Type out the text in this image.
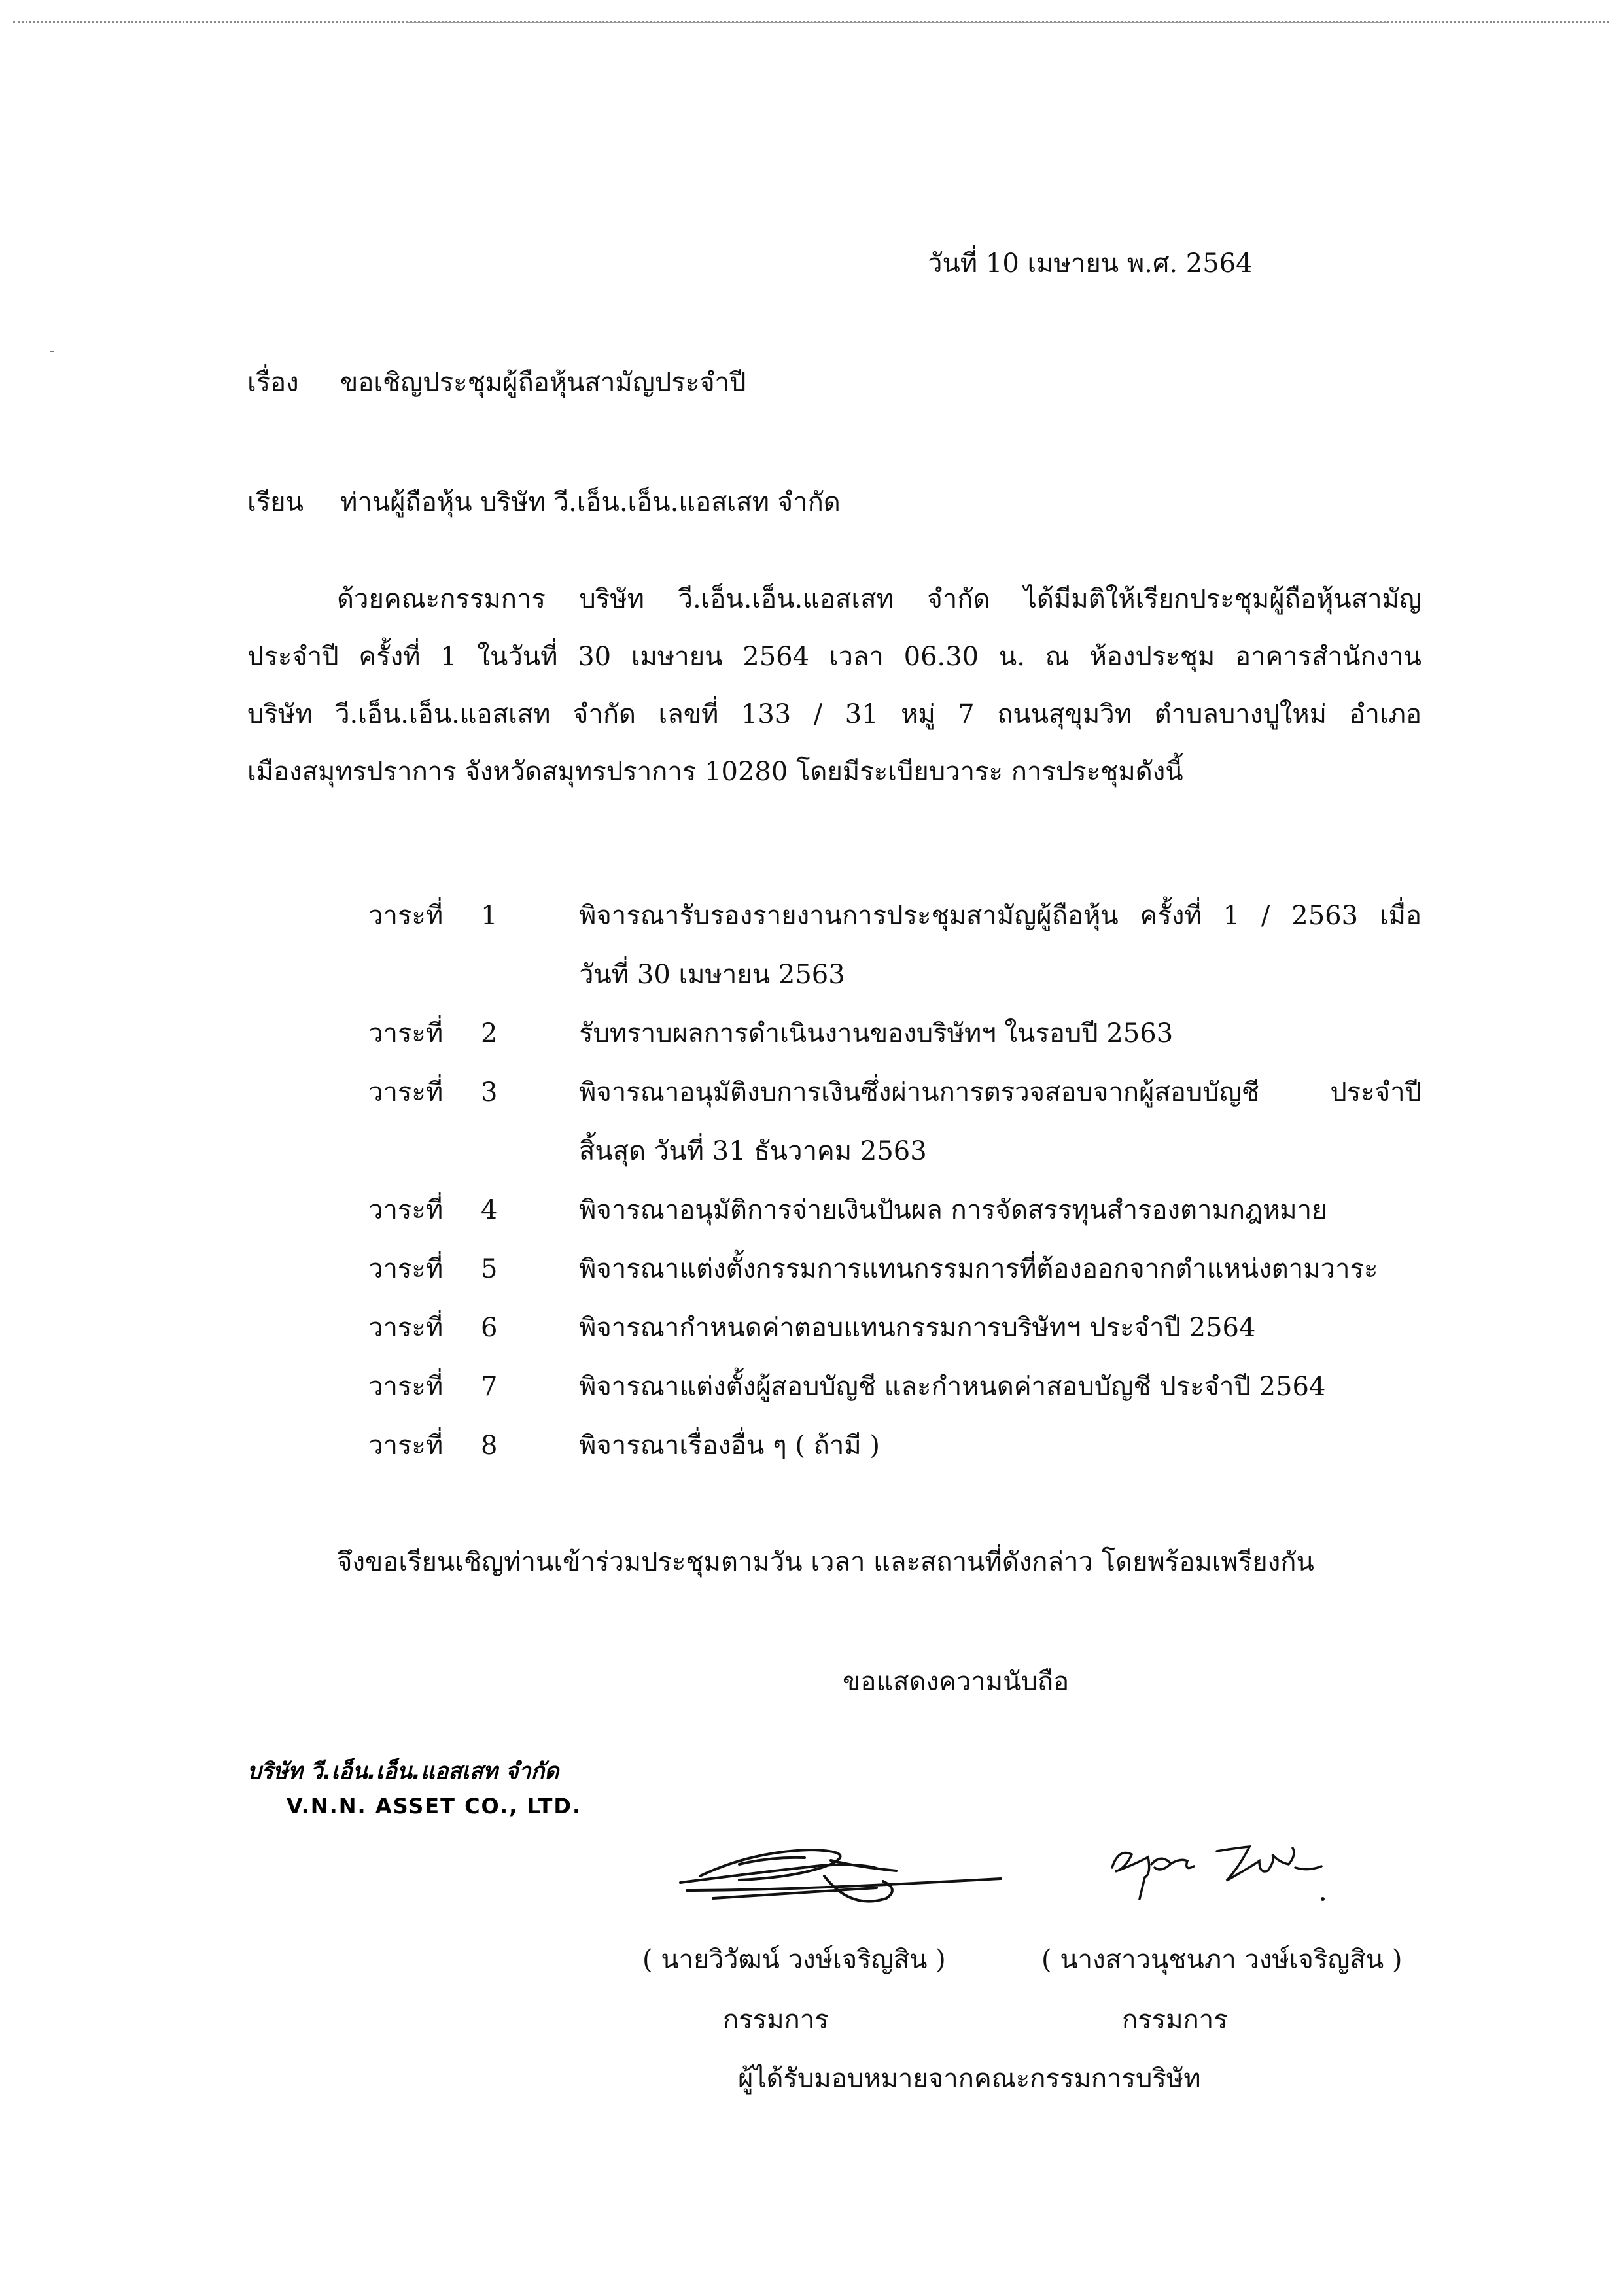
วันที่ 10 เมษายน พ.ศ. 2564
เรื่อง ขอเชิญประชุมผู้ถือหุ้นสามัญประจำปี
เรียน ท่านผู้ถือหุ้น บริษัท วี.เอ็น.เอ็น.แอสเสท จำกัด
ด้วยคณะกรรมการ บริษัท วี.เอ็น.เอ็น.แอสเสท จำกัด ได้มีมติให้เรียกประชุมผู้ถือหุ้นสามัญ
ประจำปี ครั้งที่ 1 ในวันที่ 30 เมษายน 2564 เวลา 06.30 น. ณ ห้องประชุม อาคารสำนักงาน
บริษัท วี.เอ็น.เอ็น.แอสเสท จำกัด เลขที่ 133 / 31 หมู่ 7 ถนนสุขุมวิท ตำบลบางปูใหม่ อำเภอ
เมืองสมุทรปราการ จังหวัดสมุทรปราการ 10280 โดยมีระเบียบวาระ การประชุมดังนี้
วาระที่ 1	พิจารณารับรองรายงานการประชุมสามัญผู้ถือหุ้น ครั้งที่ 1 / 2563 เมื่อ
วันที่ 30 เมษายน 2563
วาระที่ 2	รับทราบผลการดำเนินงานของบริษัทฯ ในรอบปี 2563
วาระที่ 3	พิจารณาอนุมัติงบการเงินซึ่งผ่านการตรวจสอบจากผู้สอบบัญชี ประจำปี
สิ้นสุด วันที่ 31 ธันวาคม 2563
วาระที่ 4	พิจารณาอนุมัติการจ่ายเงินปันผล การจัดสรรทุนสำรองตามกฎหมาย
วาระที่ 5	พิจารณาแต่งตั้งกรรมการแทนกรรมการที่ต้องออกจากตำแหน่งตามวาระ
วาระที่ 6	พิจารณากำหนดค่าตอบแทนกรรมการบริษัทฯ ประจำปี 2564
วาระที่ 7	พิจารณาแต่งตั้งผู้สอบบัญชี และกำหนดค่าสอบบัญชี ประจำปี 2564
วาระที่ 8	พิจารณาเรื่องอื่น ๆ ( ถ้ามี )
จึงขอเรียนเชิญท่านเข้าร่วมประชุมตามวัน เวลา และสถานที่ดังกล่าว โดยพร้อมเพรียงกัน
ขอแสดงความนับถือ
บริษัท วี.เอ็น.เอ็น.แอสเสท จำกัด
V.N.N. ASSET CO., LTD.
( นายวิวัฒน์ วงษ์เจริญสิน )	( นางสาวนุชนภา วงษ์เจริญสิน )
กรรมการ	กรรมการ
ผู้ได้รับมอบหมายจากคณะกรรมการบริษัท
